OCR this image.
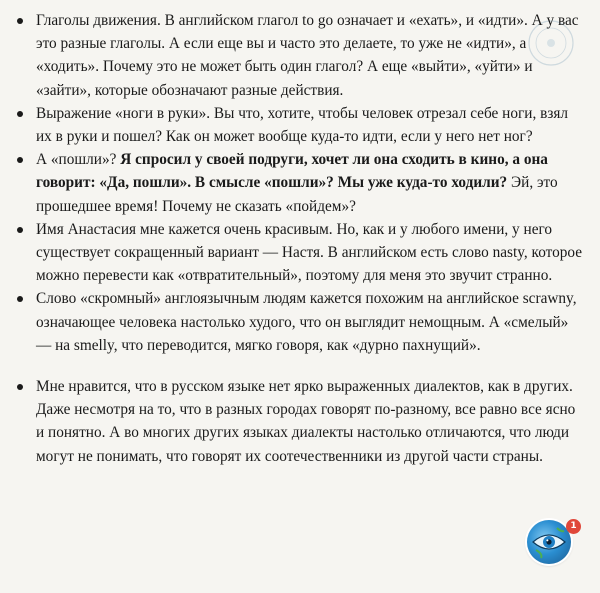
Глаголы движения. В английском глагол to go означает и «ехать», и «идти». А у вас это разные глаголы. А если еще вы и часто это делаете, то уже не «идти», а «ходить». Почему это не может быть один глагол? А еще «выйти», «уйти» и «зайти», которые обозначают разные действия.
Выражение «ноги в руки». Вы что, хотите, чтобы человек отрезал себе ноги, взял их в руки и пошел? Как он может вообще куда-то идти, если у него нет ног?
А «пошли»? Я спросил у своей подруги, хочет ли она сходить в кино, а она говорит: «Да, пошли». В смысле «пошли»? Мы уже куда-то ходили? Эй, это прошедшее время! Почему не сказать «пойдем»?
Имя Анастасия мне кажется очень красивым. Но, как и у любого имени, у него существует сокращенный вариант — Настя. В английском есть слово nasty, которое можно перевести как «отвратительный», поэтому для меня это звучит странно.
Слово «скромный» англоязычным людям кажется похожим на английское scrawny, означающее человека настолько худого, что он выглядит немощным. А «смелый» — на smelly, что переводится, мягко говоря, как «дурно пахнущий».
Мне нравится, что в русском языке нет ярко выраженных диалектов, как в других. Даже несмотря на то, что в разных городах говорят по-разному, все равно все ясно и понятно. А во многих других языках диалекты настолько отличаются, что люди могут не понимать, что говорят их соотечественники из другой части страны.
1
